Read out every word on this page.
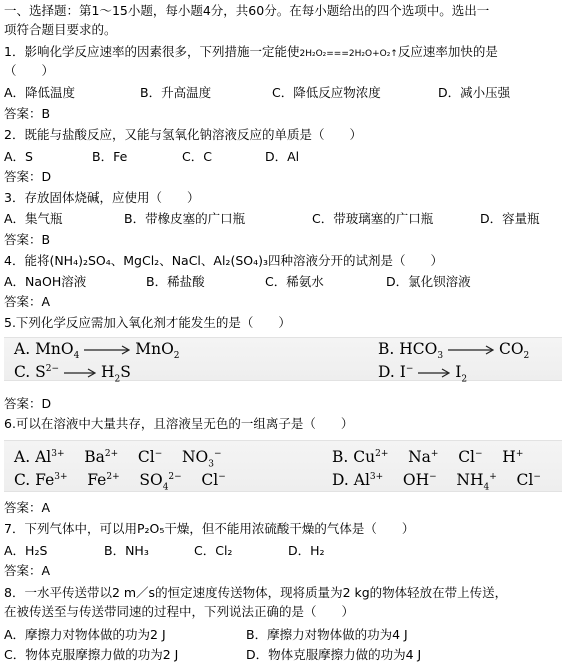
一、选择题：第1～15小题，每小题4分，共60分。在每小题给出的四个选项中。选出一
项符合题目要求的。
1．影响化学反应速率的因素很多，下列措施一定能使2H₂O₂===2H₂O+O₂↑反应速率加快的是
（　　）
A．降低温度	B．升高温度	C．降低反应物浓度	D．减小压强
答案：B
2．既能与盐酸反应，又能与氢氧化钠溶液反应的单质是（　　）
A．S	B．Fe	C．C	D．Al
答案：D
3．存放固体烧碱，应使用（　　）
A．集气瓶	B．带橡皮塞的广口瓶	C．带玻璃塞的广口瓶	D．容量瓶
答案：B
4．能将(NH₄)₂SO₄、MgCl₂、NaCl、Al₂(SO₄)₃四种溶液分开的试剂是（　　）
A．NaOH溶液	B．稀盐酸	C．稀氨水	D．氯化钡溶液
答案：A
5.下列化学反应需加入氧化剂才能发生的是（　　）
A. MnO$_4$ → MnO$_2$	B. $HCO_3 \to CO_2$
C. $S^{2-} \to H_2S$	D. $I^- \to I_2$
答案：D
6.可以在溶液中大量共存，且溶液呈无色的一组离子是（　　）
A. $Al^{3+}$ $Ba^{2+}$ Cl− $NO_3^-$	B. $Cu^{2+}$ Na+ Cl− H+
C. $Fe^{3+}$ $Fe^{2+}$ $SO_4^{2-}$ Cl−	D. $Al^{3+}$ OH− $NH_4^+$ Cl−
答案：A
7．下列气体中，可以用P₂O₅干燥，但不能用浓硫酸干燥的气体是（　　）
A．H₂S	B．NH₃	C．Cl₂	D．H₂
答案：A
8．一水平传送带以2 m／s的恒定速度传送物体，现将质量为2 kg的物体轻放在带上传送，
在被传送至与传送带同速的过程中，下列说法正确的是（　　）
A．摩擦力对物体做的功为2 J	B．摩擦力对物体做的功为4 J
C．物体克服摩擦力做的功为2 J	D．物体克服摩擦力做的功为4 J
